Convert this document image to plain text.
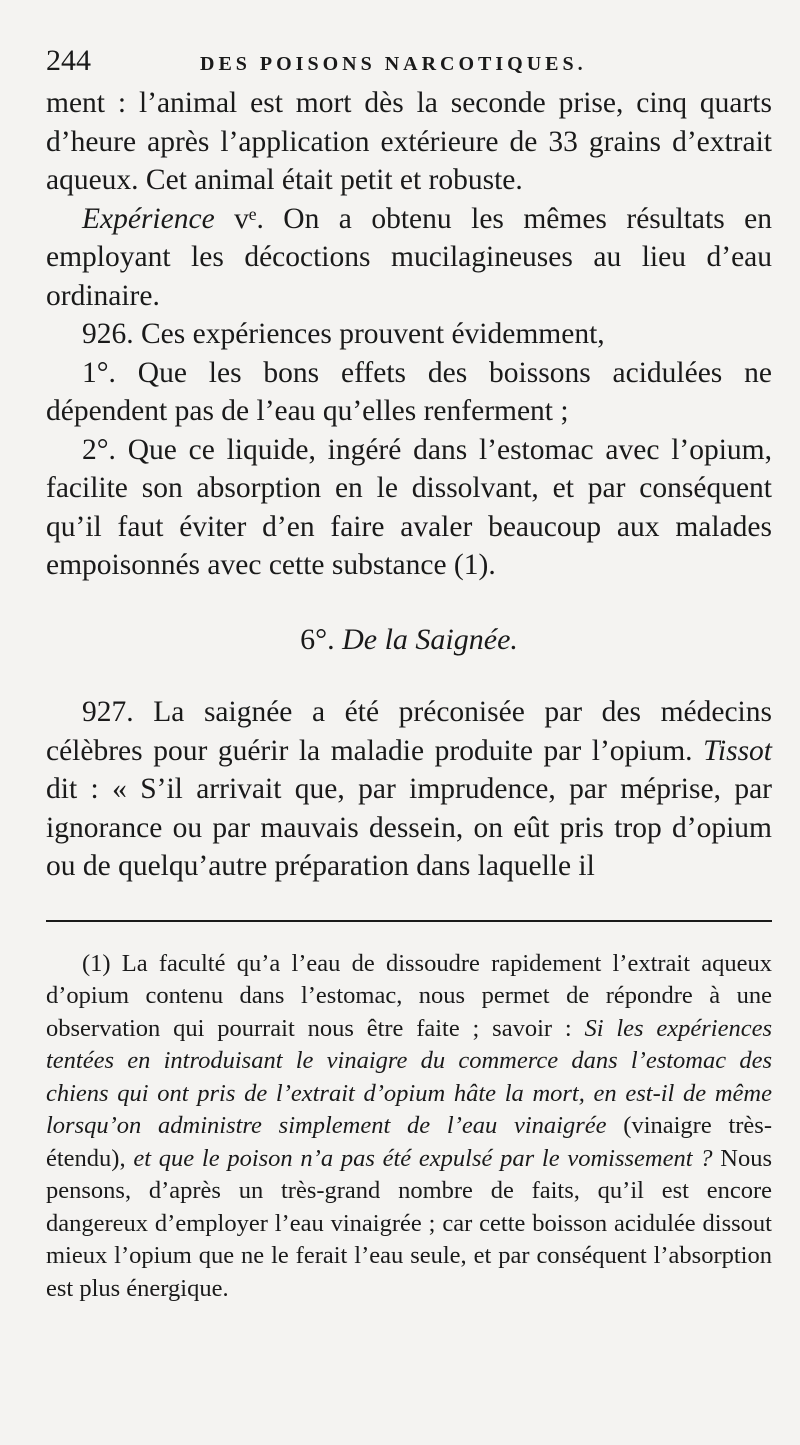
244	DES POISONS NARCOTIQUES.

ment : l’animal est mort dès la seconde prise, cinq quarts d’heure après l’application extérieure de 33 grains d’extrait aqueux. Cet animal était petit et robuste.

Expérience vᵉ. On a obtenu les mêmes résultats en employant les décoctions mucilagineuses au lieu d’eau ordinaire.

926. Ces expériences prouvent évidemment,

1°. Que les bons effets des boissons acidulées ne dépendent pas de l’eau qu’elles renferment ;

2°. Que ce liquide, ingéré dans l’estomac avec l’opium, facilite son absorption en le dissolvant, et par conséquent qu’il faut éviter d’en faire avaler beaucoup aux malades empoisonnés avec cette substance (1).

6°. De la Saignée.

927. La saignée a été préconisée par des médecins célèbres pour guérir la maladie produite par l’opium. Tissot dit : « S’il arrivait que, par imprudence, par méprise, par ignorance ou par mauvais dessein, on eût pris trop d’opium ou de quelqu’autre préparation dans laquelle il

(1) La faculté qu’a l’eau de dissoudre rapidement l’extrait aqueux d’opium contenu dans l’estomac, nous permet de répondre à une observation qui pourrait nous être faite ; savoir : Si les expériences tentées en introduisant le vinaigre du commerce dans l’estomac des chiens qui ont pris de l’extrait d’opium hâte la mort, en est-il de même lorsqu’on administre simplement de l’eau vinaigrée (vinaigre très-étendu), et que le poison n’a pas été expulsé par le vomissement ? Nous pensons, d’après un très-grand nombre de faits, qu’il est encore dangereux d’employer l’eau vinaigrée ; car cette boisson acidulée dissout mieux l’opium que ne le ferait l’eau seule, et par conséquent l’absorption est plus énergique.
